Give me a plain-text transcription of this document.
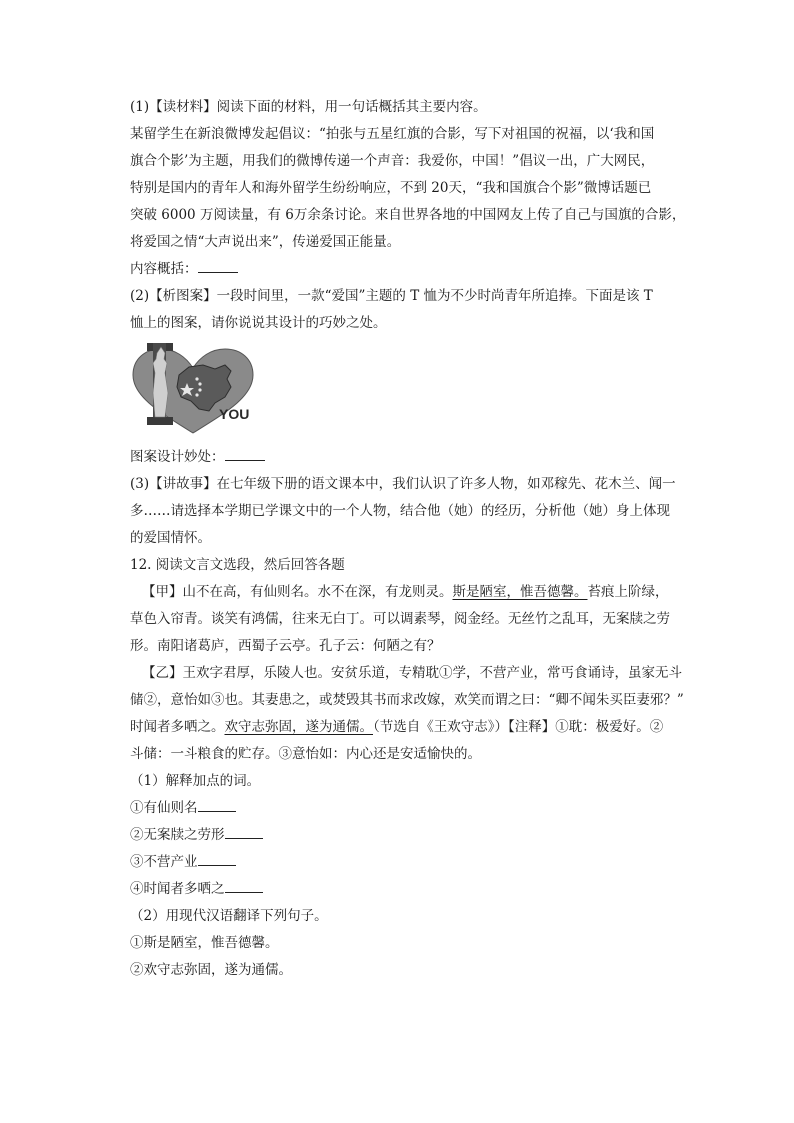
(1)【读材料】阅读下面的材料，用一句话概括其主要内容。
某留学生在新浪微博发起倡议：“拍张与五星红旗的合影，写下对祖国的祝福，以‘我和国
旗合个影’为主题，用我们的微博传递一个声音：我爱你，中国！”倡议一出，广大网民，
特别是国内的青年人和海外留学生纷纷响应，不到 20天，“我和国旗合个影”微博话题已
突破 6000 万阅读量，有 6万余条讨论。来自世界各地的中国网友上传了自己与国旗的合影，
将爱国之情“大声说出来”，传递爱国正能量。
内容概括：
(2)【析图案】一段时间里，一款“爱国”主题的 T 恤为不少时尚青年所追捧。下面是该 T
恤上的图案，请你说说其设计的巧妙之处。
YOU
图案设计妙处：
(3)【讲故事】在七年级下册的语文课本中，我们认识了许多人物，如邓稼先、花木兰、闻一
多……请选择本学期已学课文中的一个人物，结合他（她）的经历，分析他（她）身上体现
的爱国情怀。
12. 阅读文言文选段，然后回答各题
【甲】山不在高，有仙则名。水不在深，有龙则灵。斯是陋室，惟吾德馨。苔痕上阶绿，
草色入帘青。谈笑有鸿儒，往来无白丁。可以调素琴，阅金经。无丝竹之乱耳，无案牍之劳
形。南阳诸葛庐，西蜀子云亭。孔子云：何陋之有？
【乙】王欢字君厚，乐陵人也。安贫乐道，专精耽①学，不营产业，常丐食诵诗，虽家无斗
储②，意怡如③也。其妻患之，或焚毁其书而求改嫁，欢笑而谓之曰：“卿不闻朱买臣妻邪？”
时闻者多哂之。欢守志弥固，遂为通儒。（节选自《王欢守志》）【注释】①耽：极爱好。②
斗储：一斗粮食的贮存。③意怡如：内心还是安适愉快的。
（1）解释加点的词。
①有仙则名
②无案牍之劳形
③不营产业
④时闻者多哂之
（2）用现代汉语翻译下列句子。
①斯是陋室，惟吾德馨。
②欢守志弥固，遂为通儒。
